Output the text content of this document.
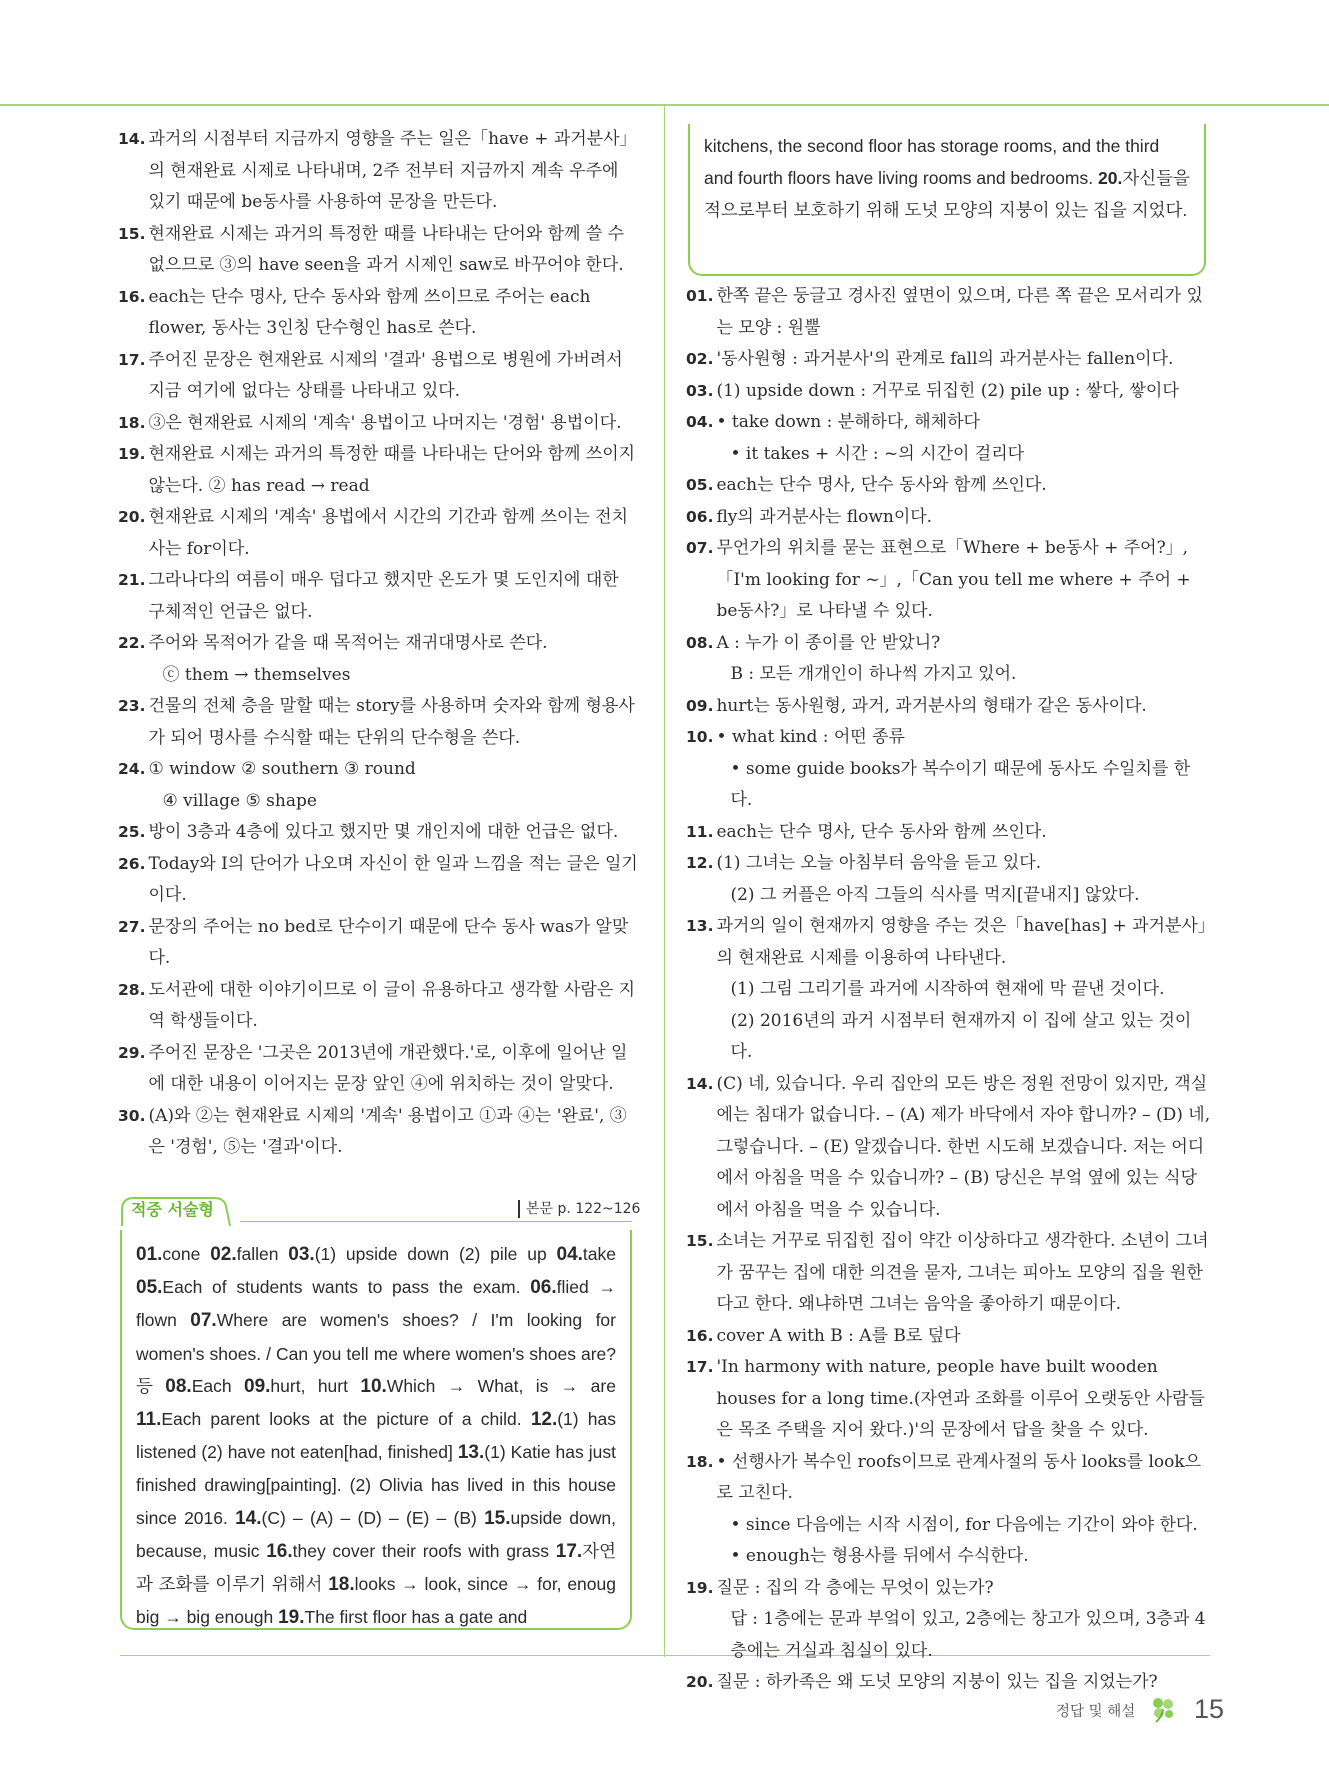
14. 과거의 시점부터 지금까지 영향을 주는 일은「have + 과거분사」의 현재완료 시제로 나타내며, 2주 전부터 지금까지 계속 우주에 있기 때문에 be동사를 사용하여 문장을 만든다.
15. 현재완료 시제는 과거의 특정한 때를 나타내는 단어와 함께 쓸 수 없으므로 ③의 have seen을 과거 시제인 saw로 바꾸어야 한다.
16. each는 단수 명사, 단수 동사와 함께 쓰이므로 주어는 each flower, 동사는 3인칭 단수형인 has로 쓴다.
17. 주어진 문장은 현재완료 시제의 '결과' 용법으로 병원에 가버려서 지금 여기에 없다는 상태를 나타내고 있다.
18. ③은 현재완료 시제의 '계속' 용법이고 나머지는 '경험' 용법이다.
19. 현재완료 시제는 과거의 특정한 때를 나타내는 단어와 함께 쓰이지 않는다. ② has read → read
20. 현재완료 시제의 '계속' 용법에서 시간의 기간과 함께 쓰이는 전치사는 for이다.
21. 그라나다의 여름이 매우 덥다고 했지만 온도가 몇 도인지에 대한 구체적인 언급은 없다.
22. 주어와 목적어가 같을 때 목적어는 재귀대명사로 쓴다.
ⓒ them → themselves
23. 건물의 전체 층을 말할 때는 story를 사용하며 숫자와 함께 형용사가 되어 명사를 수식할 때는 단위의 단수형을 쓴다.
24. ① window ② southern ③ round
④ village ⑤ shape
25. 방이 3층과 4층에 있다고 했지만 몇 개인지에 대한 언급은 없다.
26. Today와 I의 단어가 나오며 자신이 한 일과 느낌을 적는 글은 일기이다.
27. 문장의 주어는 no bed로 단수이기 때문에 단수 동사 was가 알맞다.
28. 도서관에 대한 이야기이므로 이 글이 유용하다고 생각할 사람은 지역 학생들이다.
29. 주어진 문장은 '그곳은 2013년에 개관했다.'로, 이후에 일어난 일에 대한 내용이 이어지는 문장 앞인 ④에 위치하는 것이 알맞다.
30. (A)와 ②는 현재완료 시제의 '계속' 용법이고 ①과 ④는 '완료', ③은 '경험', ⑤는 '결과'이다.
kitchens, the second floor has storage rooms, and the third and fourth floors have living rooms and bedrooms. 20.자신들을 적으로부터 보호하기 위해 도넛 모양의 지붕이 있는 집을 지었다.
01. 한쪽 끝은 둥글고 경사진 옆면이 있으며, 다른 쪽 끝은 모서리가 있는 모양 : 원뿔
02. '동사원형 : 과거분사'의 관계로 fall의 과거분사는 fallen이다.
03. (1) upside down : 거꾸로 뒤집힌 (2) pile up : 쌓다, 쌓이다
04. • take down : 분해하다, 해체하다
• it takes + 시간 : ~의 시간이 걸리다
05. each는 단수 명사, 단수 동사와 함께 쓰인다.
06. fly의 과거분사는 flown이다.
07. 무언가의 위치를 묻는 표현으로「Where + be동사 + 주어?」,「I'm looking for ~」,「Can you tell me where + 주어 + be동사?」로 나타낼 수 있다.
08. A : 누가 이 종이를 안 받았니?
B : 모든 개개인이 하나씩 가지고 있어.
09. hurt는 동사원형, 과거, 과거분사의 형태가 같은 동사이다.
10. • what kind : 어떤 종류
• some guide books가 복수이기 때문에 동사도 수일치를 한다.
11. each는 단수 명사, 단수 동사와 함께 쓰인다.
12. (1) 그녀는 오늘 아침부터 음악을 듣고 있다.
(2) 그 커플은 아직 그들의 식사를 먹지[끝내지] 않았다.
13. 과거의 일이 현재까지 영향을 주는 것은「have[has] + 과거분사」의 현재완료 시제를 이용하여 나타낸다.
(1) 그림 그리기를 과거에 시작하여 현재에 막 끝낸 것이다.
(2) 2016년의 과거 시점부터 현재까지 이 집에 살고 있는 것이다.
14. (C) 네, 있습니다. 우리 집안의 모든 방은 정원 전망이 있지만, 객실에는 침대가 없습니다. – (A) 제가 바닥에서 자야 합니까? – (D) 네, 그렇습니다. – (E) 알겠습니다. 한번 시도해 보겠습니다. 저는 어디에서 아침을 먹을 수 있습니까? – (B) 당신은 부엌 옆에 있는 식당에서 아침을 먹을 수 있습니다.
15. 소녀는 거꾸로 뒤집힌 집이 약간 이상하다고 생각한다. 소년이 그녀가 꿈꾸는 집에 대한 의견을 묻자, 그녀는 피아노 모양의 집을 원한다고 한다. 왜냐하면 그녀는 음악을 좋아하기 때문이다.
16. cover A with B : A를 B로 덮다
17. 'In harmony with nature, people have built wooden houses for a long time.(자연과 조화를 이루어 오랫동안 사람들은 목조 주택을 지어 왔다.)'의 문장에서 답을 찾을 수 있다.
18. • 선행사가 복수인 roofs이므로 관계사절의 동사 looks를 look으로 고친다.
• since 다음에는 시작 시점이, for 다음에는 기간이 와야 한다.
• enough는 형용사를 뒤에서 수식한다.
19. 질문 : 집의 각 층에는 무엇이 있는가?
답 : 1층에는 문과 부엌이 있고, 2층에는 창고가 있으며, 3층과 4층에는 거실과 침실이 있다.
20. 질문 : 하카족은 왜 도넛 모양의 지붕이 있는 집을 지었는가?
적중 서술형	본문 p. 122~126
01.cone 02.fallen 03.(1) upside down (2) pile up 04.take 05.Each of students wants to pass the exam. 06.flied → flown 07.Where are women's shoes? / I'm looking for women's shoes. / Can you tell me where women's shoes are? 등 08.Each 09.hurt, hurt 10.Which → What, is → are 11.Each parent looks at the picture of a child. 12.(1) has listened (2) have not eaten[had, finished] 13.(1) Katie has just finished drawing[painting]. (2) Olivia has lived in this house since 2016. 14.(C) – (A) – (D) – (E) – (B) 15.upside down, because, music 16.they cover their roofs with grass 17.자연과 조화를 이루기 위해서 18.looks → look, since → for, enoug big → big enough 19.The first floor has a gate and
정답 및 해설 15
